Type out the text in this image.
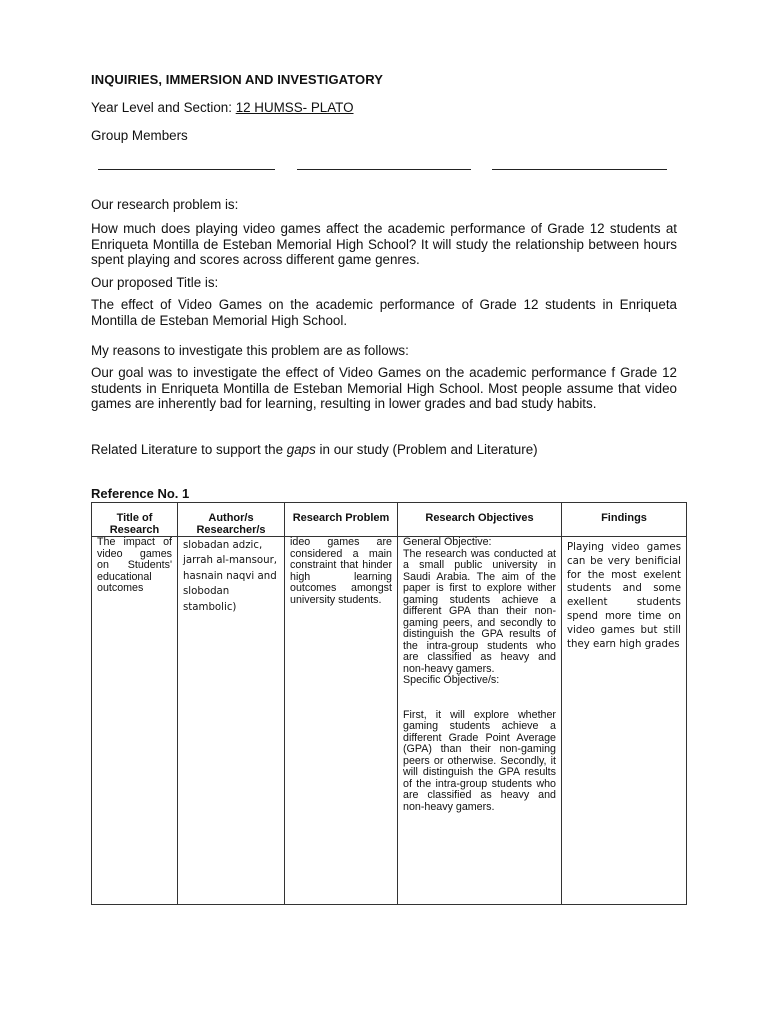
INQUIRIES, IMMERSION AND INVESTIGATORY
Year Level and Section: 12 HUMSS- PLATO
Group Members
Our research problem is:
How much does playing video games affect the academic performance of Grade 12 students at Enriqueta Montilla de Esteban Memorial High School? It will study the relationship between hours spent playing and scores across different game genres.
Our proposed Title is:
The effect of Video Games on the academic performance of Grade 12 students in Enriqueta Montilla de Esteban Memorial High School.
My reasons to investigate this problem are as follows:
Our goal was to investigate the effect of Video Games on the academic performance f Grade 12 students in Enriqueta Montilla de Esteban Memorial High School. Most people assume that video games are inherently bad for learning, resulting in lower grades and bad study habits.
Related Literature to support the gaps in our study (Problem and Literature)
Reference No. 1
Title of Research	Author/s Researcher/s	Research Problem	Research Objectives	Findings
The impact of video games on Students' educational outcomes	slobadan adzic, jarrah al-mansour, hasnain naqvi and slobodan stambolic)	ideo games are considered a main constraint that hinder high learning outcomes amongst university students.	General Objective:
The research was conducted at a small public university in Saudi Arabia. The aim of the paper is first to explore wither gaming students achieve a different GPA than their non-gaming peers, and secondly to distinguish the GPA results of the intra-group students who are classified as heavy and non-heavy gamers.
Specific Objective/s:
First, it will explore whether gaming students achieve a different Grade Point Average (GPA) than their non-gaming peers or otherwise. Secondly, it will distinguish the GPA results of the intra-group students who are classified as heavy and non-heavy gamers.	Playing video games can be very benificial for the most exelent students and some exellent students spend more time on video games but still they earn high grades
